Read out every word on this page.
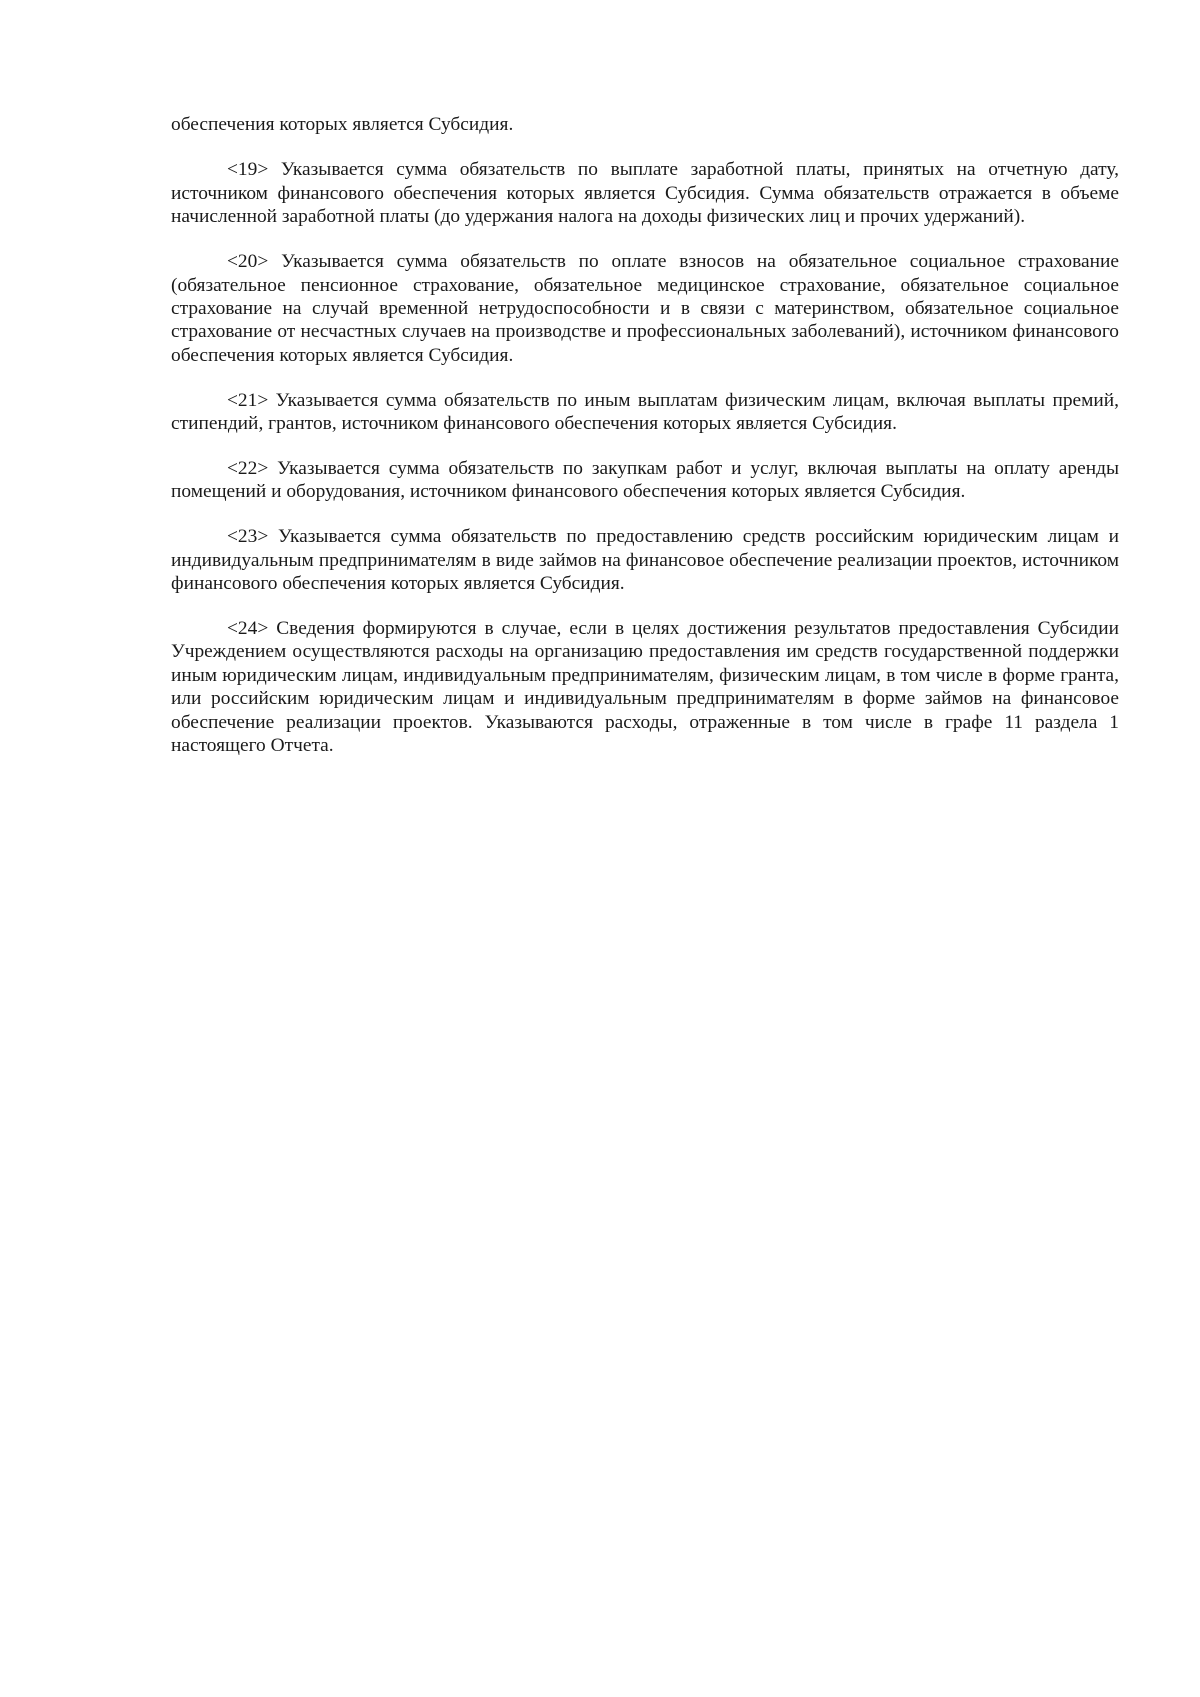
обеспечения которых является Субсидия.

<19> Указывается сумма обязательств по выплате заработной платы, принятых на отчетную дату, источником финансового обеспечения которых является Субсидия. Сумма обязательств отражается в объеме начисленной заработной платы (до удержания налога на доходы физических лиц и прочих удержаний).

<20> Указывается сумма обязательств по оплате взносов на обязательное социальное страхование (обязательное пенсионное страхование, обязательное медицинское страхование, обязательное социальное страхование на случай временной нетрудоспособности и в связи с материнством, обязательное социальное страхование от несчастных случаев на производстве и профессиональных заболеваний), источником финансового обеспечения которых является Субсидия.

<21> Указывается сумма обязательств по иным выплатам физическим лицам, включая выплаты премий, стипендий, грантов, источником финансового обеспечения которых является Субсидия.

<22> Указывается сумма обязательств по закупкам работ и услуг, включая выплаты на оплату аренды помещений и оборудования, источником финансового обеспечения которых является Субсидия.

<23> Указывается сумма обязательств по предоставлению средств российским юридическим лицам и индивидуальным предпринимателям в виде займов на финансовое обеспечение реализации проектов, источником финансового обеспечения которых является Субсидия.

<24> Сведения формируются в случае, если в целях достижения результатов предоставления Субсидии Учреждением осуществляются расходы на организацию предоставления им средств государственной поддержки иным юридическим лицам, индивидуальным предпринимателям, физическим лицам, в том числе в форме гранта, или российским юридическим лицам и индивидуальным предпринимателям в форме займов на финансовое обеспечение реализации проектов. Указываются расходы, отраженные в том числе в графе 11 раздела 1 настоящего Отчета.
